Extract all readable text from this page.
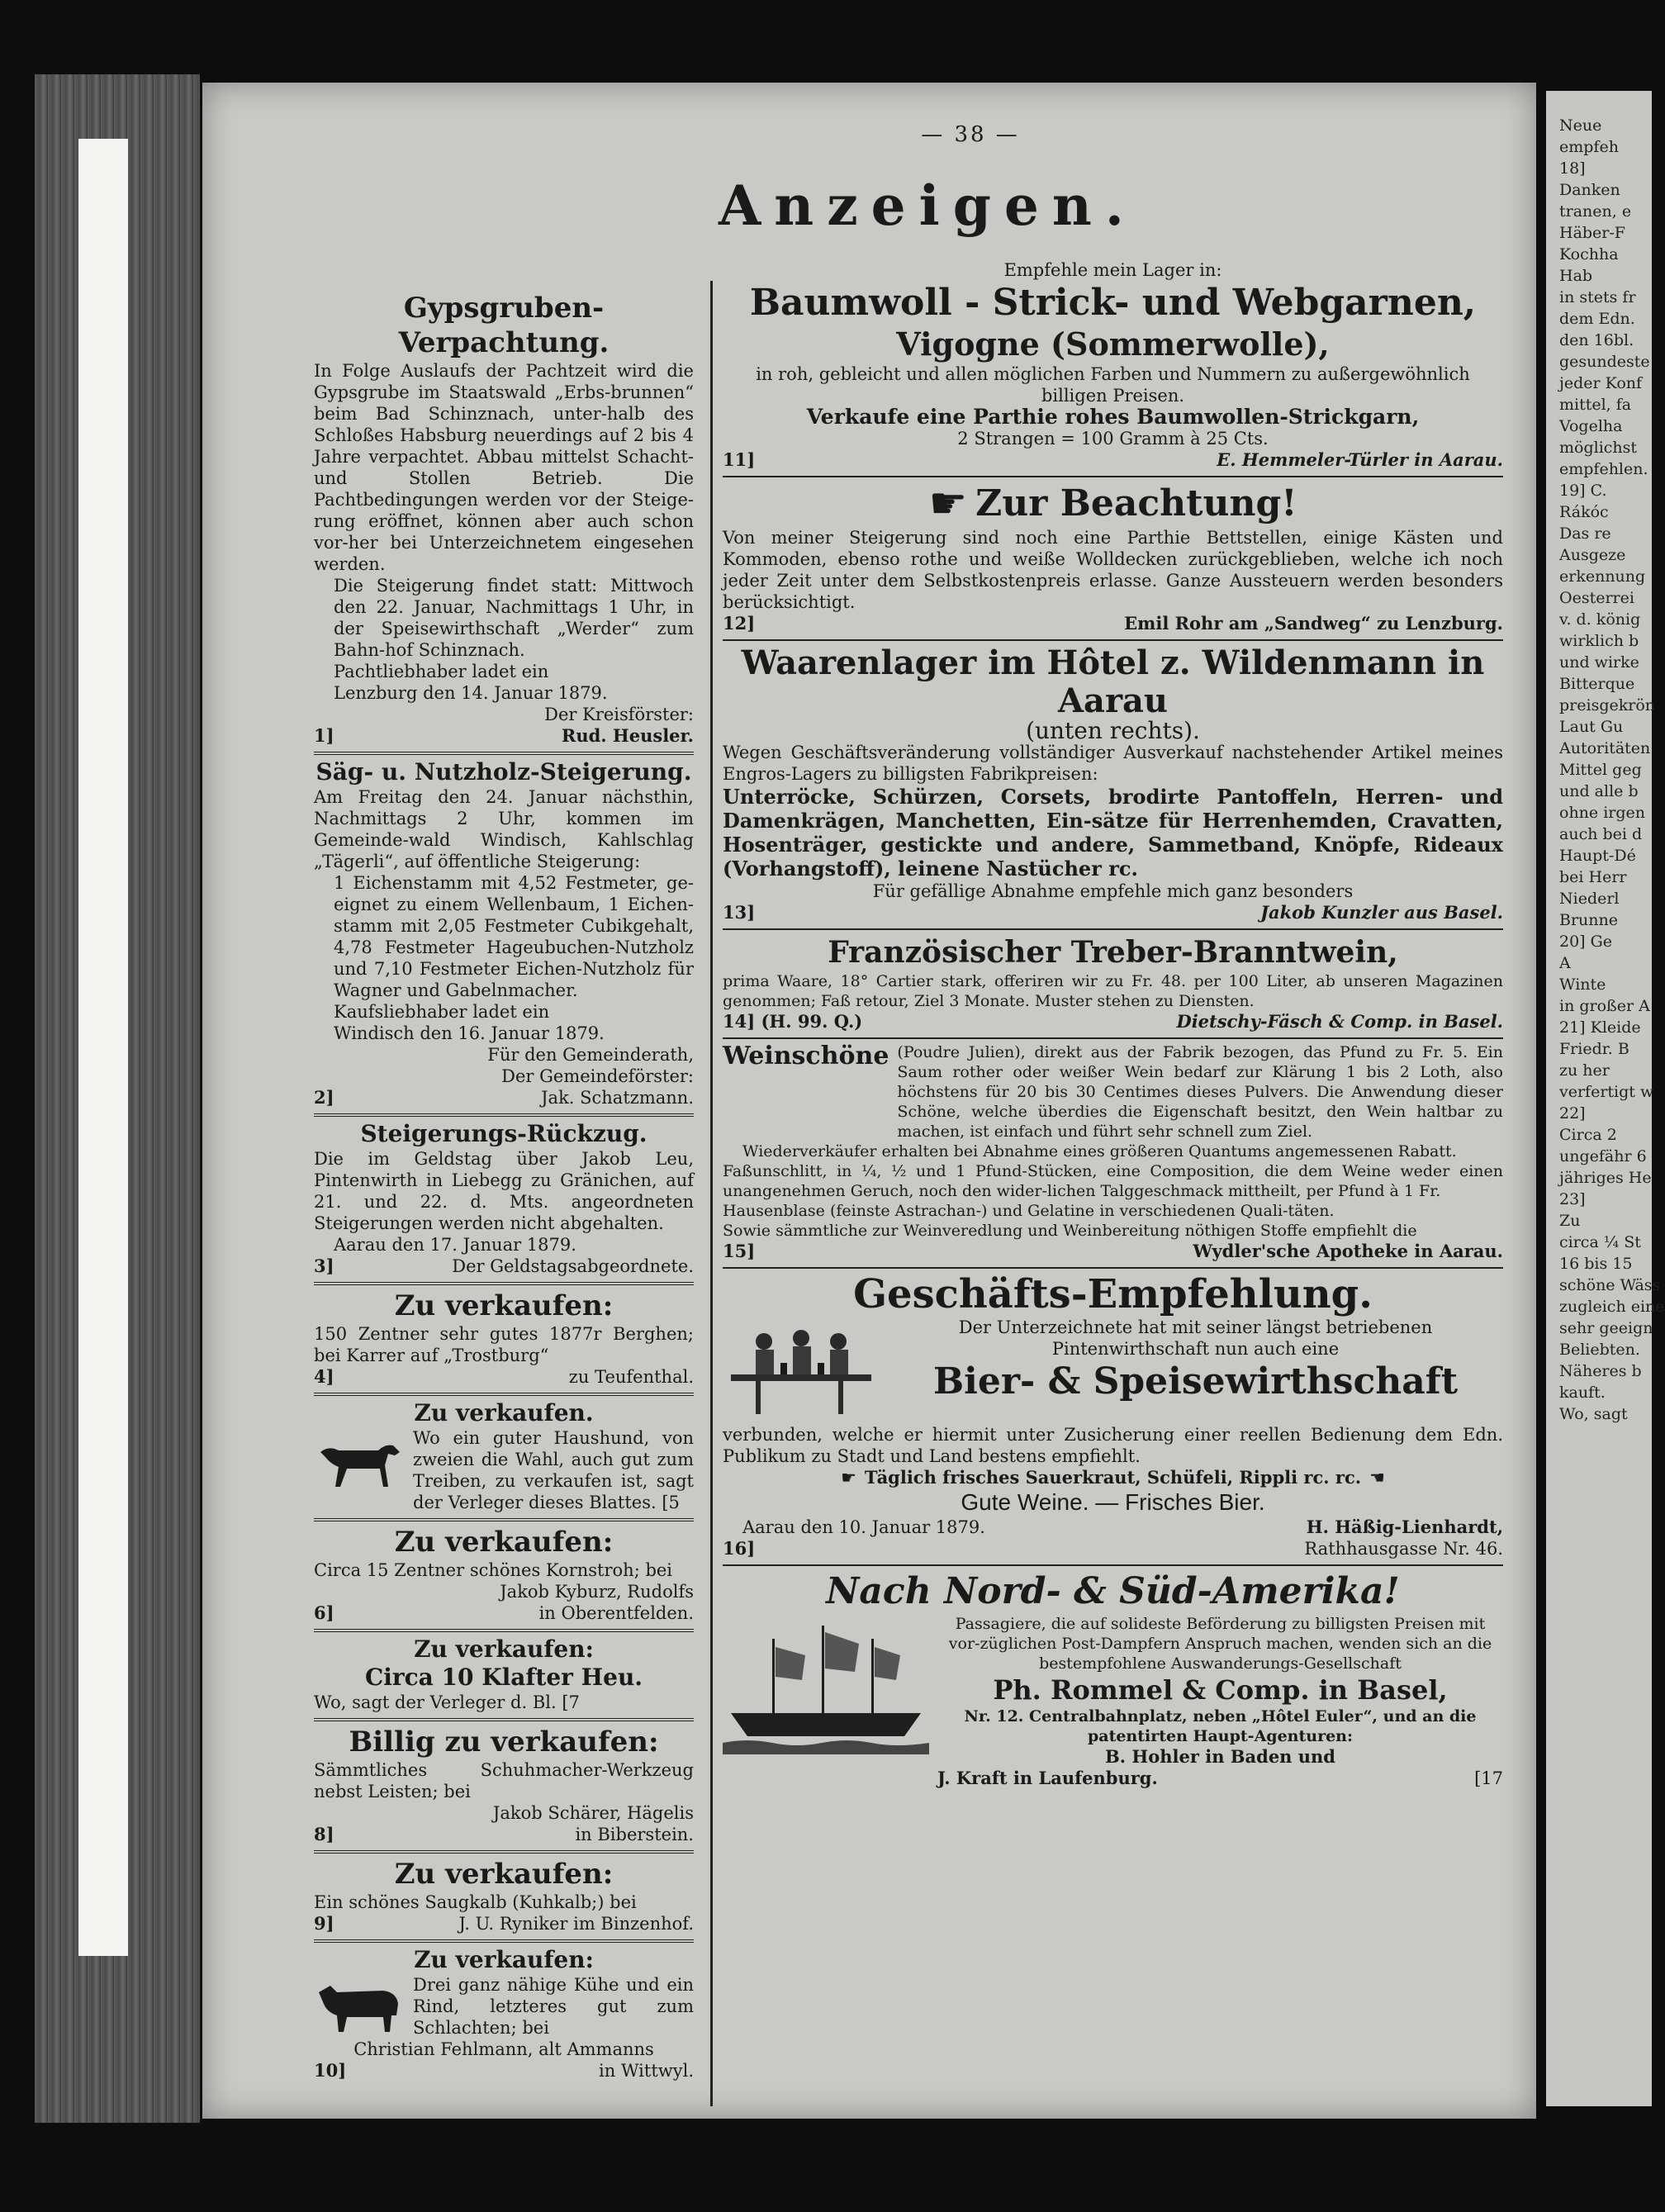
— 38 —
Anzeigen.
Gypsgruben-Verpachtung.
In Folge Auslaufs der Pachtzeit wird die Gypsgrube im Staatswald „Erbs-brunnen“ beim Bad Schinznach, unter-halb des Schloßes Habsburg neuerdings auf 2 bis 4 Jahre verpachtet. Abbau mittelst Schacht- und Stollen Betrieb. Die Pachtbedingungen werden vor der Steige-rung eröffnet, können aber auch schon vor-her bei Unterzeichnetem eingesehen werden.
Die Steigerung findet statt: Mittwoch den 22. Januar, Nachmittags 1 Uhr, in der Speisewirthschaft „Werder“ zum Bahn-hof Schinznach.
Pachtliebhaber ladet ein
Lenzburg den 14. Januar 1879.
Der Kreisförster:
1]	Rud. Heusler.
Säg- u. Nutzholz-Steigerung.
Am Freitag den 24. Januar nächsthin, Nachmittags 2 Uhr, kommen im Gemeinde-wald Windisch, Kahlschlag „Tägerli“, auf öffentliche Steigerung:
1 Eichenstamm mit 4,52 Festmeter, ge-eignet zu einem Wellenbaum, 1 Eichen-stamm mit 2,05 Festmeter Cubikgehalt, 4,78 Festmeter Hageubuchen-Nutzholz und 7,10 Festmeter Eichen-Nutzholz für Wagner und Gabelnmacher.
Kaufsliebhaber ladet ein
Windisch den 16. Januar 1879.
Für den Gemeinderath,
Der Gemeindeförster:
2]	Jak. Schatzmann.
Steigerungs-Rückzug.
Die im Geldstag über Jakob Leu, Pintenwirth in Liebegg zu Gränichen, auf 21. und 22. d. Mts. angeordneten Steigerungen werden nicht abgehalten.
Aarau den 17. Januar 1879.
3]	Der Geldstagsabgeordnete.
Zu verkaufen:
150 Zentner sehr gutes 1877r Berghen; bei Karrer auf „Trostburg“
4]	zu Teufenthal.
Zu verkaufen.
Wo ein guter Haushund, von zweien die Wahl, auch gut zum Treiben, zu verkaufen ist, sagt der Verleger dieses Blattes. [5
Zu verkaufen:
Circa 15 Zentner schönes Kornstroh; bei
Jakob Kyburz, Rudolfs
6]	in Oberentfelden.
Zu verkaufen:
Circa 10 Klafter Heu.
Wo, sagt der Verleger d. Bl. [7
Billig zu verkaufen:
Sämmtliches Schuhmacher-Werkzeug nebst Leisten; bei
Jakob Schärer, Hägelis
8]	in Biberstein.
Zu verkaufen:
Ein schönes Saugkalb (Kuhkalb;) bei
9]	J. U. Ryniker im Binzenhof.
Zu verkaufen:
Drei ganz nähige Kühe und ein Rind, letzteres gut zum Schlachten; bei
Christian Fehlmann, alt Ammanns
10]	in Wittwyl.
Empfehle mein Lager in:
Baumwoll - Strick- und Webgarnen,
Vigogne (Sommerwolle),
in roh, gebleicht und allen möglichen Farben und Nummern zu außergewöhnlich billigen Preisen.
Verkaufe eine Parthie rohes Baumwollen-Strickgarn,
2 Strangen = 100 Gramm à 25 Cts.
11]	E. Hemmeler-Türler in Aarau.
☛ Zur Beachtung!
Von meiner Steigerung sind noch eine Parthie Bettstellen, einige Kästen und Kommoden, ebenso rothe und weiße Wolldecken zurückgeblieben, welche ich noch jeder Zeit unter dem Selbstkostenpreis erlasse. Ganze Aussteuern werden besonders berücksichtigt.
12]	Emil Rohr am „Sandweg“ zu Lenzburg.
Waarenlager im Hôtel z. Wildenmann in Aarau
(unten rechts).
Wegen Geschäftsveränderung vollständiger Ausverkauf nachstehender Artikel meines Engros-Lagers zu billigsten Fabrikpreisen:
Unterröcke, Schürzen, Corsets, brodirte Pantoffeln, Herren- und Damenkrägen, Manchetten, Ein-sätze für Herrenhemden, Cravatten, Hosenträger, gestickte und andere, Sammetband, Knöpfe, Rideaux (Vorhangstoff), leinene Nastücher rc.
Für gefällige Abnahme empfehle mich ganz besonders
13]	Jakob Kunzler aus Basel.
Französischer Treber-Branntwein,
prima Waare, 18° Cartier stark, offeriren wir zu Fr. 48. per 100 Liter, ab unseren Magazinen genommen; Faß retour, Ziel 3 Monate. Muster stehen zu Diensten.
14] (H. 99. Q.)	Dietschy-Fäsch & Comp. in Basel.
Weinschöne (Poudre Julien), direkt aus der Fabrik bezogen, das Pfund zu Fr. 5. Ein Saum rother oder weißer Wein bedarf zur Klärung 1 bis 2 Loth, also höchstens für 20 bis 30 Centimes dieses Pulvers. Die Anwendung dieser Schöne, welche überdies die Eigenschaft besitzt, den Wein haltbar zu machen, ist einfach und führt sehr schnell zum Ziel.
Wiederverkäufer erhalten bei Abnahme eines größeren Quantums angemessenen Rabatt.
Faßunschlitt, in ¼, ½ und 1 Pfund-Stücken, eine Composition, die dem Weine weder einen unangenehmen Geruch, noch den wider-lichen Talggeschmack mittheilt, per Pfund à 1 Fr.
Hausenblase (feinste Astrachan-) und Gelatine in verschiedenen Quali-täten.
Sowie sämmtliche zur Weinveredlung und Weinbereitung nöthigen Stoffe empfiehlt die
15]	Wydler'sche Apotheke in Aarau.
Geschäfts-Empfehlung.
Der Unterzeichnete hat mit seiner längst betriebenen Pintenwirthschaft nun auch eine
Bier- & Speisewirthschaft
verbunden, welche er hiermit unter Zusicherung einer reellen Bedienung dem Edn. Publikum zu Stadt und Land bestens empfiehlt.
☛ Täglich frisches Sauerkraut, Schüfeli, Rippli rc. rc. ☚
Gute Weine. — Frisches Bier.
Aarau den 10. Januar 1879.	H. Häßig-Lienhardt,
16]	Rathhausgasse Nr. 46.
Nach Nord- & Süd-Amerika!
Passagiere, die auf solideste Beförderung zu billigsten Preisen mit vor-züglichen Post-Dampfern Anspruch machen, wenden sich an die bestempfohlene Auswanderungs-Gesellschaft
Ph. Rommel & Comp. in Basel,
Nr. 12. Centralbahnplatz, neben „Hôtel Euler“, und an die patentirten Haupt-Agenturen:
B. Hohler in Baden und
J. Kraft in Laufenburg.	[17
Neue
empfeh
18]
Danken
tranen, e
Häber-F
Kochha
Hab
in stets fr
dem Edn.
den 16bl.
gesundeste
jeder Konf
mittel, fa
Vogelha
möglichst
empfehlen.
19] C.
Rákóc
Das re
Ausgeze
erkennung
Oesterrei
v. d. könig
wirklich b
und wirke
Bitterque
preisgekrön
Laut Gu
Autoritäten
Mittel geg
und alle b
ohne irgen
auch bei d
Haupt-Dé
bei Herr
Niederl
Brunne
20] Ge
A
Winte
in großer A
21] Kleide
Friedr. B
zu her
verfertigt w
22]
Circa 2
ungefähr 6
jähriges He
23]
Zu
circa ¼ St
16 bis 15
schöne Wäss
zugleich eine
sehr geeign
Beliebten.
Näheres b
kauft.
Wo, sagt
